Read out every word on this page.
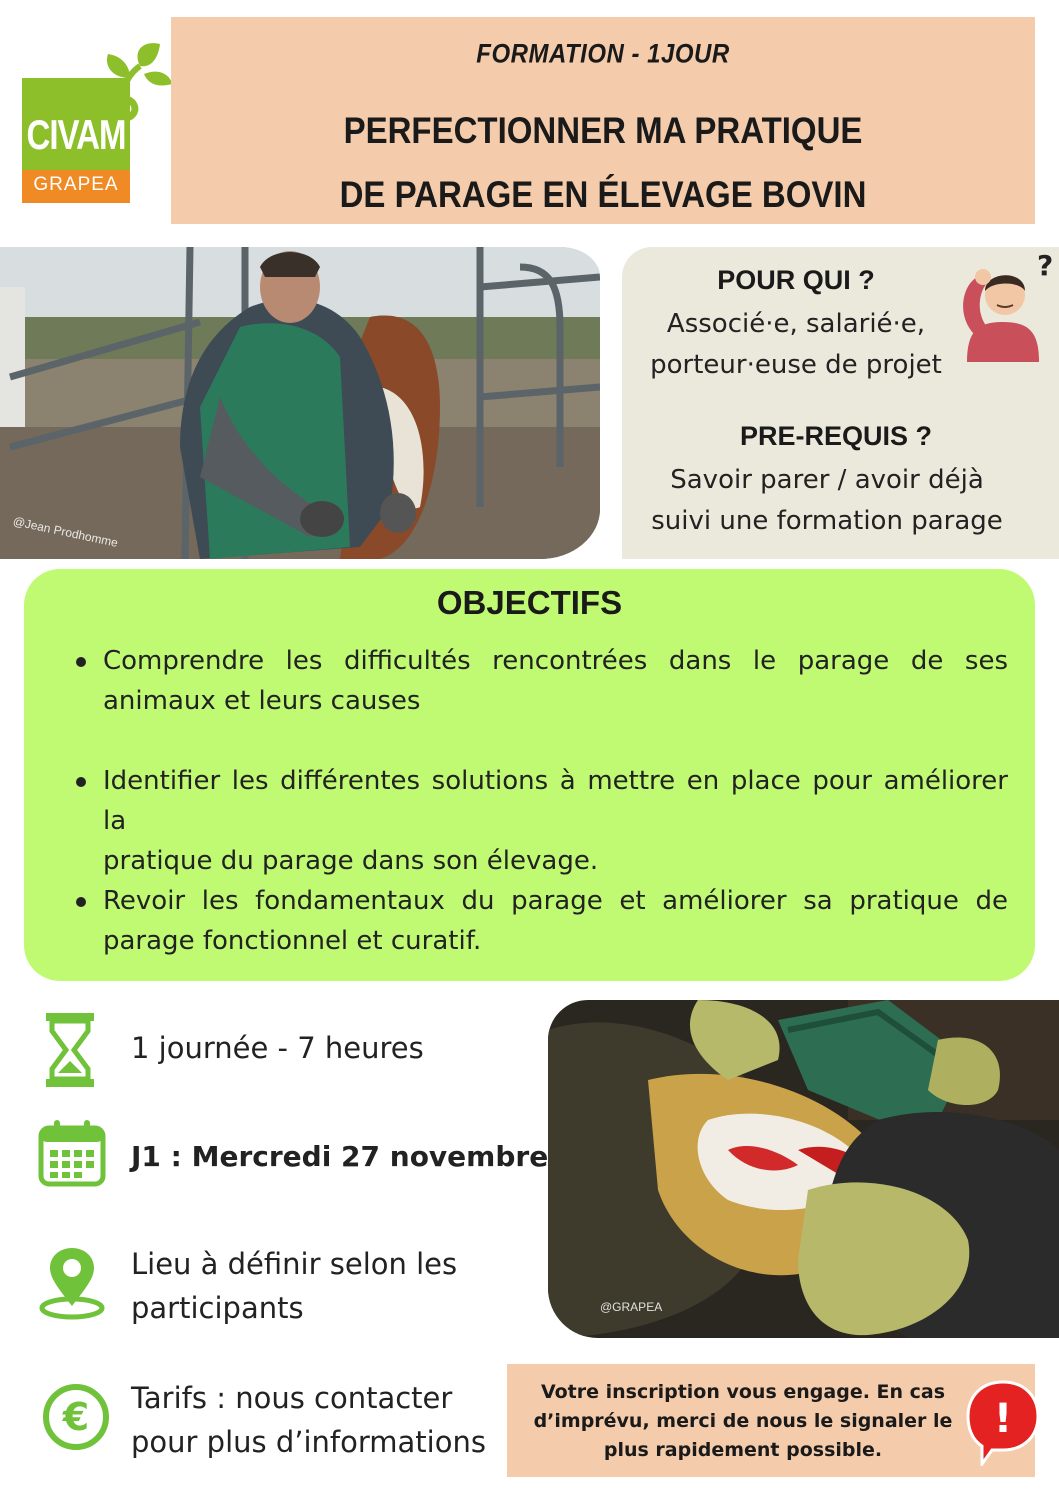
CIVAM
GRAPEA
FORMATION - 1JOUR
PERFECTIONNER MA PRATIQUE
DE PARAGE EN ÉLEVAGE BOVIN
@Jean Prodhomme
?
POUR QUI ?
Associé·e, salarié·e,
porteur·euse de projet
PRE-REQUIS ?
Savoir parer / avoir déjà
suivi une formation parage
OBJECTIFS
Comprendre les difficultés rencontrées dans le parage de ses
animaux et leurs causes
Identifier les différentes solutions à mettre en place pour améliorer la
pratique du parage dans son élevage.
Revoir les fondamentaux du parage et améliorer sa pratique de
parage fonctionnel et curatif.
1 journée - 7 heures
J1 : Mercredi 27 novembre
Lieu à définir selon les
participants
€ Tarifs : nous contacter
pour plus d’informations
@GRAPEA
Votre inscription vous engage. En cas
d’imprévu, merci de nous le signaler le
plus rapidement possible.
!
